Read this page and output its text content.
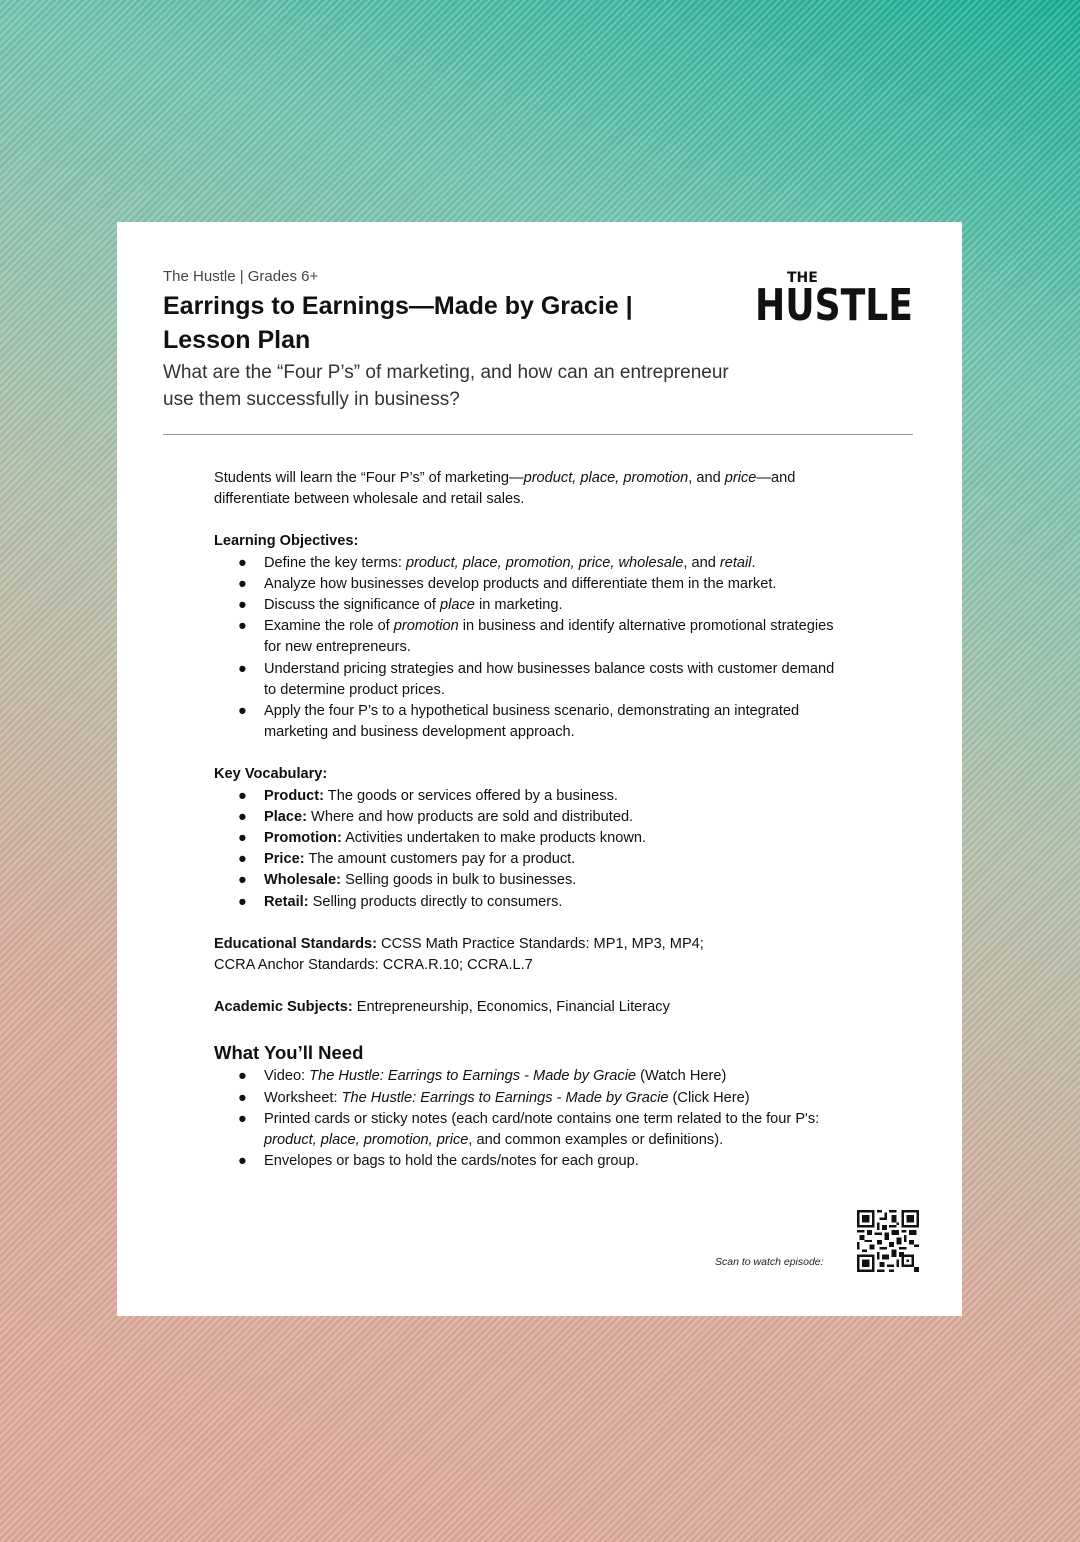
The Hustle | Grades 6+

Earrings to Earnings—Made by Gracie |
Lesson Plan

What are the “Four P’s” of marketing, and how can an entrepreneur
use them successfully in business?

THE
HUSTLE

Students will learn the “Four P’s” of marketing—product, place, promotion, and price—and
differentiate between wholesale and retail sales.

Learning Objectives:

● Define the key terms: product, place, promotion, price, wholesale, and retail.
● Analyze how businesses develop products and differentiate them in the market.
● Discuss the significance of place in marketing.
● Examine the role of promotion in business and identify alternative promotional strategies
for new entrepreneurs.
● Understand pricing strategies and how businesses balance costs with customer demand
to determine product prices.
● Apply the four P’s to a hypothetical business scenario, demonstrating an integrated
marketing and business development approach.

Key Vocabulary:

● Product: The goods or services offered by a business.
● Place: Where and how products are sold and distributed.
● Promotion: Activities undertaken to make products known.
● Price: The amount customers pay for a product.
● Wholesale: Selling goods in bulk to businesses.
● Retail: Selling products directly to consumers.

Educational Standards: CCSS Math Practice Standards: MP1, MP3, MP4;
CCRA Anchor Standards: CCRA.R.10; CCRA.L.7

Academic Subjects: Entrepreneurship, Economics, Financial Literacy

What You’ll Need

● Video: The Hustle: Earrings to Earnings - Made by Gracie (Watch Here)
● Worksheet: The Hustle: Earrings to Earnings - Made by Gracie (Click Here)
● Printed cards or sticky notes (each card/note contains one term related to the four P's:
product, place, promotion, price, and common examples or definitions).
● Envelopes or bags to hold the cards/notes for each group.
Scan to watch episode:
